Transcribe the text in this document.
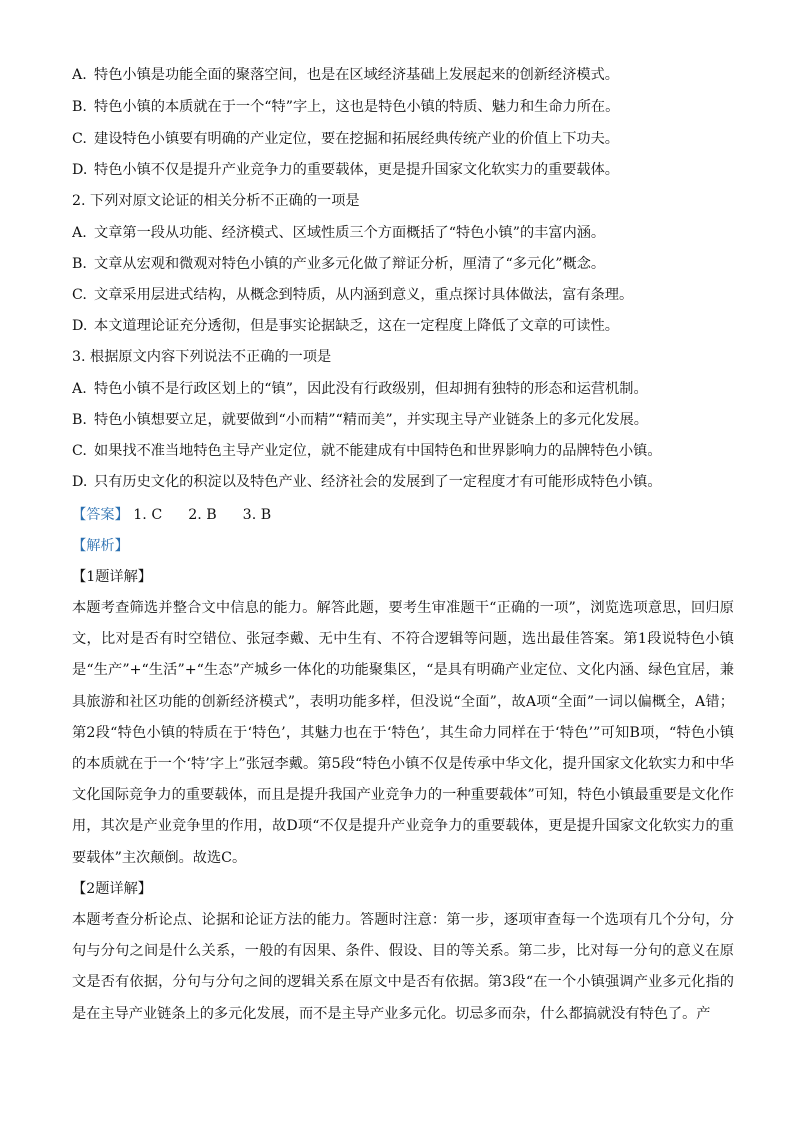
A. 特色小镇是功能全面的聚落空间，也是在区域经济基础上发展起来的创新经济模式。
B. 特色小镇的本质就在于一个“特”字上，这也是特色小镇的特质、魅力和生命力所在。
C. 建设特色小镇要有明确的产业定位，要在挖掘和拓展经典传统产业的价值上下功夫。
D. 特色小镇不仅是提升产业竞争力的重要载体，更是提升国家文化软实力的重要载体。
2. 下列对原文论证的相关分析不正确的一项是
A. 文章第一段从功能、经济模式、区域性质三个方面概括了“特色小镇”的丰富内涵。
B. 文章从宏观和微观对特色小镇的产业多元化做了辩证分析，厘清了“多元化”概念。
C. 文章采用层进式结构，从概念到特质，从内涵到意义，重点探讨具体做法，富有条理。
D. 本文道理论证充分透彻，但是事实论据缺乏，这在一定程度上降低了文章的可读性。
3. 根据原文内容下列说法不正确的一项是
A. 特色小镇不是行政区划上的“镇”，因此没有行政级别，但却拥有独特的形态和运营机制。
B. 特色小镇想要立足，就要做到“小而精”“精而美”，并实现主导产业链条上的多元化发展。
C. 如果找不准当地特色主导产业定位，就不能建成有中国特色和世界影响力的品牌特色小镇。
D. 只有历史文化的积淀以及特色产业、经济社会的发展到了一定程度才有可能形成特色小镇。
【答案】 1. C 2. B 3. B
【解析】
【1题详解】
本题考查筛选并整合文中信息的能力。解答此题，要考生审准题干“正确的一项”，浏览选项意思，回归原文，比对是否有时空错位、张冠李戴、无中生有、不符合逻辑等问题，选出最佳答案。第1段说特色小镇是“生产”+“生活”+“生态”产城乡一体化的功能聚集区，“是具有明确产业定位、文化内涵、绿色宜居，兼具旅游和社区功能的创新经济模式”，表明功能多样，但没说“全面”，故A项“全面”一词以偏概全，A错；第2段“特色小镇的特质在于‘特色’，其魅力也在于‘特色’，其生命力同样在于‘特色’”可知B项，“特色小镇的本质就在于一个‘特’字上”张冠李戴。第5段“特色小镇不仅是传承中华文化，提升国家文化软实力和中华文化国际竞争力的重要载体，而且是提升我国产业竞争力的一种重要载体”可知，特色小镇最重要是文化作用，其次是产业竞争里的作用，故D项“不仅是提升产业竞争力的重要载体，更是提升国家文化软实力的重要载体”主次颠倒。故选C。
【2题详解】
本题考查分析论点、论据和论证方法的能力。答题时注意：第一步，逐项审查每一个选项有几个分句，分句与分句之间是什么关系，一般的有因果、条件、假设、目的等关系。第二步，比对每一分句的意义在原文是否有依据，分句与分句之间的逻辑关系在原文中是否有依据。第3段“在一个小镇强调产业多元化指的是在主导产业链条上的多元化发展，而不是主导产业多元化。切忌多而杂，什么都搞就没有特色了。产
